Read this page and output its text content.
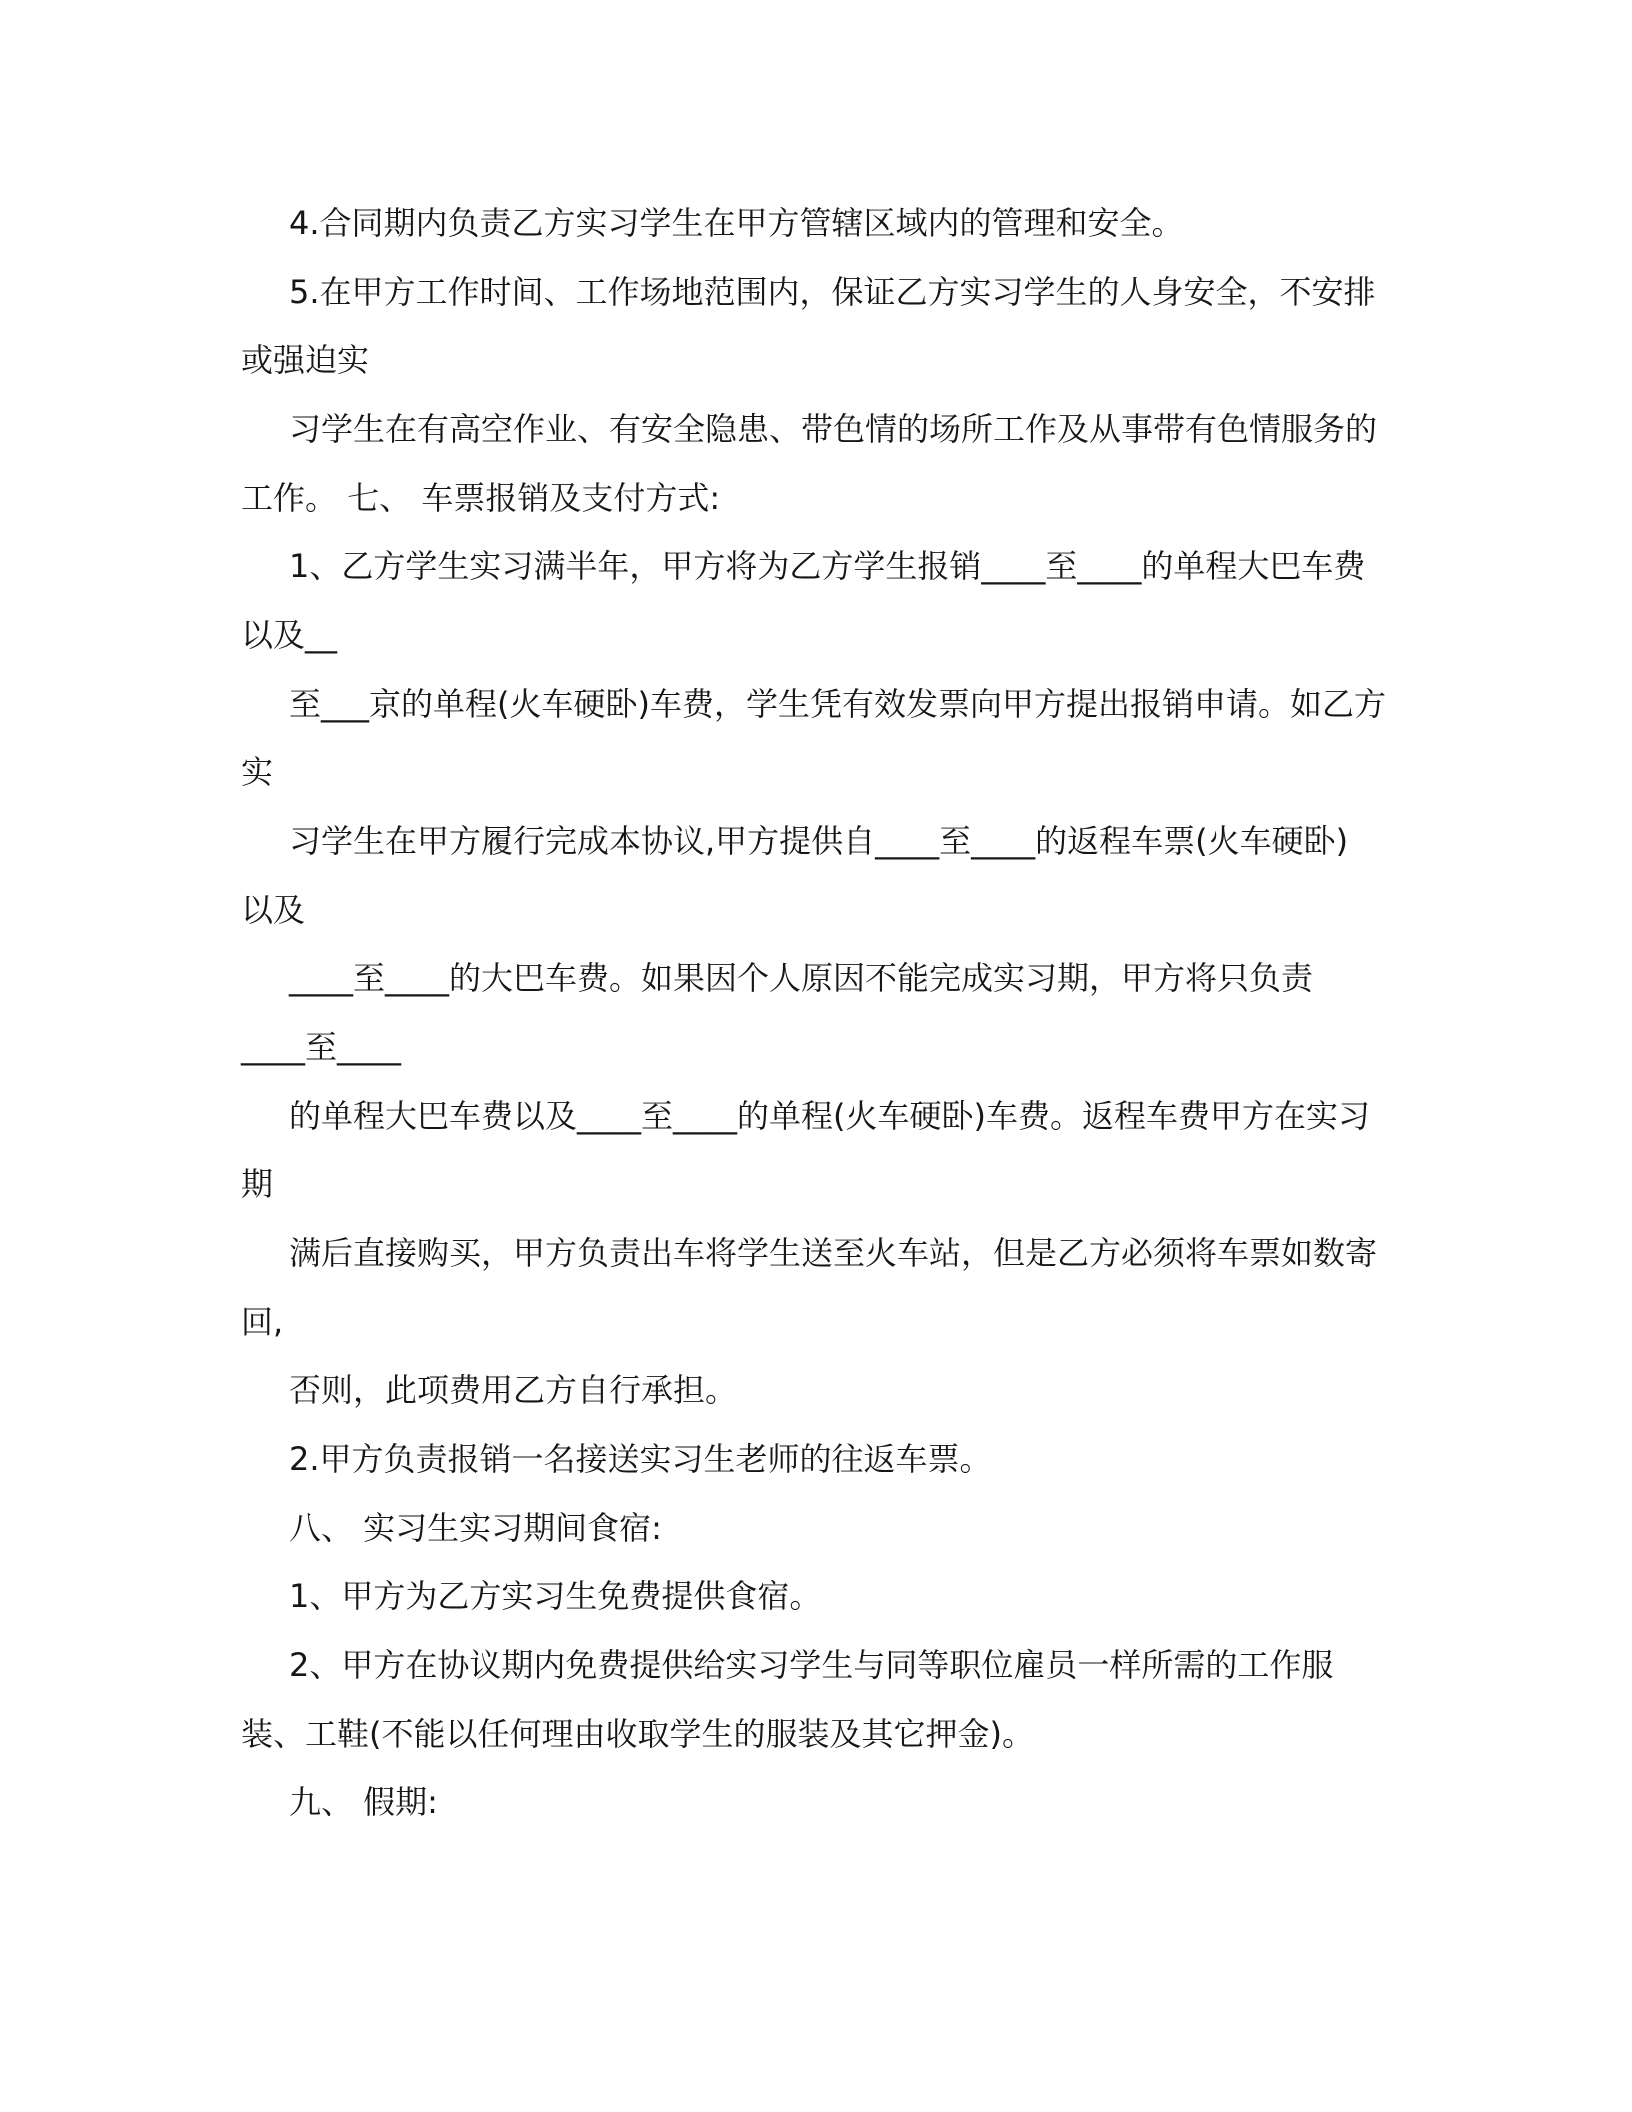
4.合同期内负责乙方实习学生在甲方管辖区域内的管理和安全。
5.在甲方工作时间、工作场地范围内，保证乙方实习学生的人身安全，不安排
或强迫实
习学生在有高空作业、有安全隐患、带色情的场所工作及从事带有色情服务的
工作。 七、 车票报销及支付方式:
1、乙方学生实习满半年，甲方将为乙方学生报销____至____的单程大巴车费
以及__
至___京的单程(火车硬卧)车费，学生凭有效发票向甲方提出报销申请。如乙方
实
习学生在甲方履行完成本协议,甲方提供自____至____的返程车票(火车硬卧)
以及
____至____的大巴车费。如果因个人原因不能完成实习期，甲方将只负责
____至____
的单程大巴车费以及____至____的单程(火车硬卧)车费。返程车费甲方在实习
期
满后直接购买，甲方负责出车将学生送至火车站，但是乙方必须将车票如数寄
回,
否则，此项费用乙方自行承担。
2.甲方负责报销一名接送实习生老师的往返车票。
八、 实习生实习期间食宿:
1、甲方为乙方实习生免费提供食宿。
2、甲方在协议期内免费提供给实习学生与同等职位雇员一样所需的工作服
装、工鞋(不能以任何理由收取学生的服装及其它押金)。
九、 假期:
